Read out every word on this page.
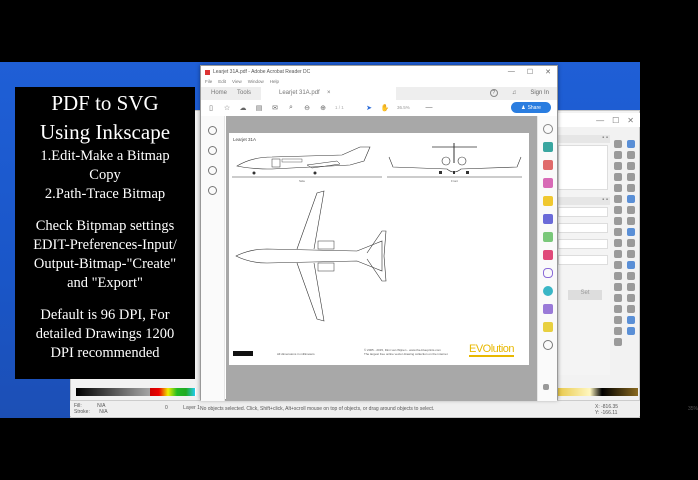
— ☐ ✕
▪ ▪
▪ ▪
Set
Fill:	N/A
Stroke: N/A
0	Layer 1 No objects selected. Click, Shift+click, Alt+scroll mouse on top of objects, or drag around objects to select.	X: -816.35
Y: -166.11
35%
Learjet 31A.pdf - Adobe Acrobat Reader DC	— ☐ ✕
File Edit View Window Help
Home Tools	Learjet 31A.pdf ×	?	♫ Sign In
▯ ☆ ☁ ▤ ✉ ⌕ ⊖ ⊕ 1 / 1	➤ ✋ 36.5%	—	♟ Share
Learjet 31A
Side	Front
All dimensions in millimeters
© 2005 - 2015, Dimi van Wijnen - www.the-blueprints.com
The largest free online vector drawing collection on the internet	EVOlution
PDF to SVG
Using Inkscape
1.Edit-Make a Bitmap
Copy
2.Path-Trace Bitmap
Check Bitpmap settings
EDIT-Preferences-Input/
Output-Bitmap-"Create"
and "Export"
Default is 96 DPI, For
detailed Drawings 1200
DPI recommended
